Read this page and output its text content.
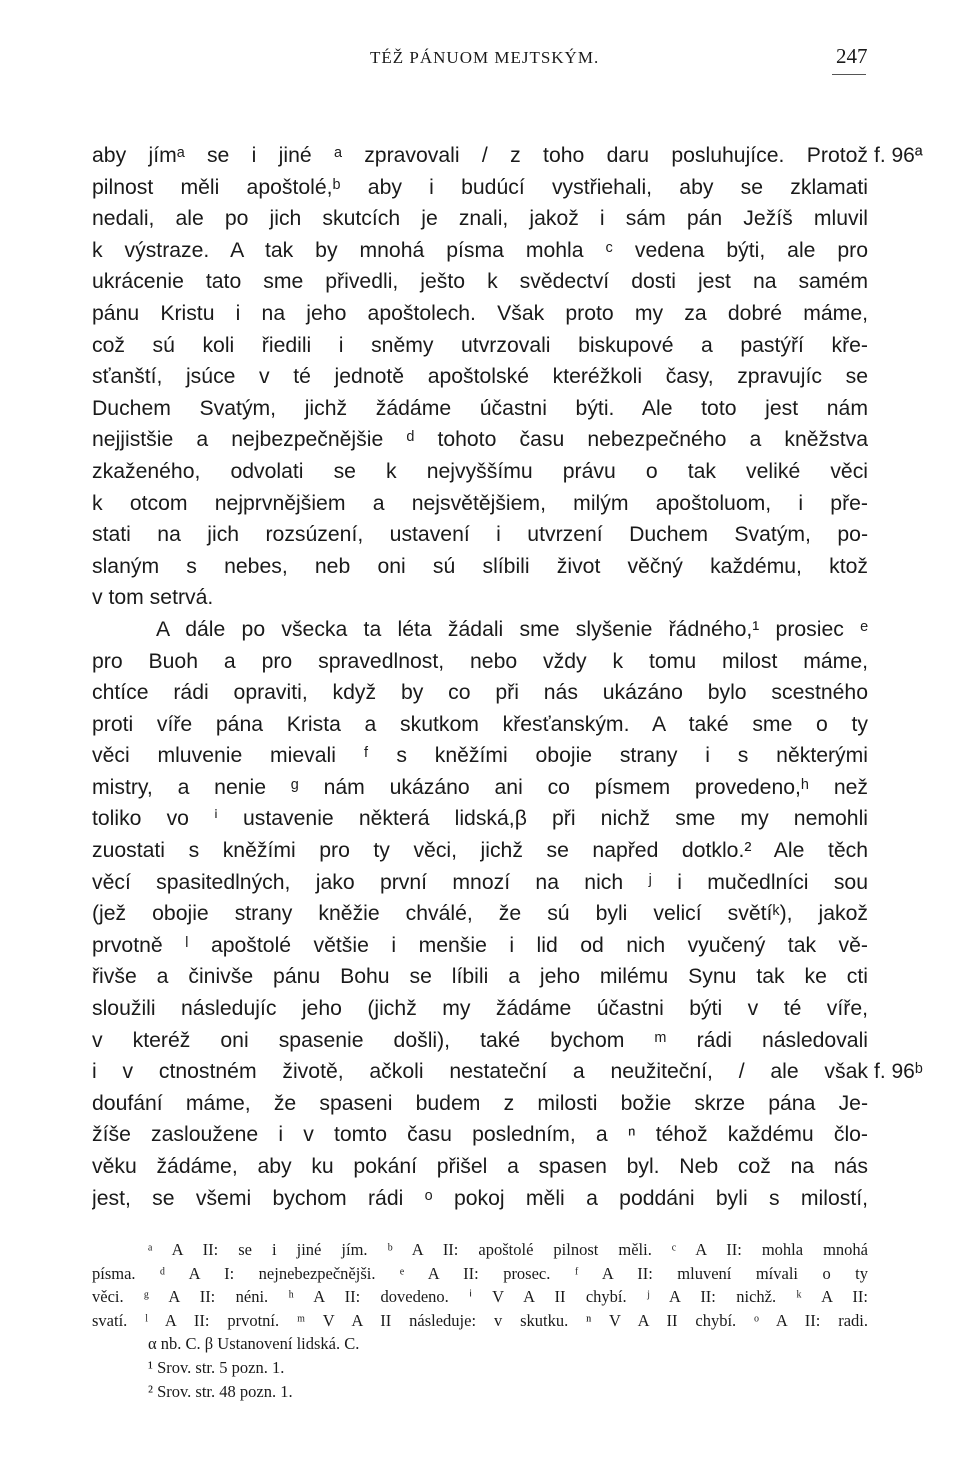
TÉŽ PÁNUOM MEJTSKÝM.	247
f. 96ª
f. 96ᵇ
aby jímᵃ se i jiné ᵃ zpravovali / z toho daru posluhujíce. Protož
pilnost měli apoštolé,ᵇ aby i budúcí vystřiehali, aby se zklamati
nedali, ale po jich skutcích je znali, jakož i sám pán Ježíš mluvil
k výstraze. A tak by mnohá písma mohla ᶜ vedena býti, ale pro
ukrácenie tato sme přivedli, ješto k svědectví dosti jest na samém
pánu Kristu i na jeho apoštolech. Však proto my za dobré máme,
což sú koli řiedili i sněmy utvrzovali biskupové a pastýří kře-
sťanští, jsúce v té jednotě apoštolské kteréžkoli časy, zpravujíc se
Duchem Svatým, jichž žádáme účastni býti. Ale toto jest nám
nejjistšie a nejbezpečnějšie ᵈ tohoto času nebezpečného a kněžstva
zkaženého, odvolati se k nejvyššímu právu o tak veliké věci
k otcom nejprvnějšiem a nejsvětějšiem, milým apoštoluom, i pře-
stati na jich rozsúzení, ustavení i utvrzení Duchem Svatým, po-
slaným s nebes, neb oni sú slíbili život věčný každému, ktož
v tom setrvá.
A dále po všecka ta léta žádali sme slyšenie řádného,¹ prosiec ᵉ
pro Buoh a pro spravedlnost, nebo vždy k tomu milost máme,
chtíce rádi opraviti, když by co při nás ukázáno bylo scestného
proti víře pána Krista a skutkom křesťanským. A také sme o ty
věci mluvenie mievali ᶠ s kněžími obojie strany i s některými
mistry, a nenie ᵍ nám ukázáno ani co písmem provedeno,ʰ než
toliko vo ⁱ ustavenie některá lidská,β při nichž sme my nemohli
zuostati s kněžími pro ty věci, jichž se napřed dotklo.² Ale těch
věcí spasitedlných, jako první mnozí na nich ʲ i mučedlníci sou
(jež obojie strany kněžie chválé, že sú byli velicí světíᵏ), jakož
prvotně ˡ apoštolé většie i menšie i lid od nich vyučený tak vě-
řivše a činivše pánu Bohu se líbili a jeho milému Synu tak ke cti
sloužili následujíc jeho (jichž my žádáme účastni býti v té víře,
v kteréž oni spasenie došli), také bychom ᵐ rádi následovali
i v ctnostném životě, ačkoli nestateční a neužiteční, / ale však
doufání máme, že spaseni budem z milosti božie skrze pána Je-
žíše zasloužene i v tomto času posledním, a ⁿ téhož každému člo-
věku žádáme, aby ku pokání přišel a spasen byl. Neb což na nás
jest, se všemi bychom rádi ᵒ pokoj měli a poddáni byli s milostí,
ᵃ A II: se i jiné jím. ᵇ A II: apoštolé pilnost měli. ᶜ A II: mohla mnohá
písma. ᵈ A I: nejnebezpečnějši. ᵉ A II: prosec. ᶠ A II: mluvení mívali o ty
věci. ᵍ A II: néni. ʰ A II: dovedeno. ⁱ V A II chybí. ʲ A II: nichž. ᵏ A II:
svatí. ˡ A II: prvotní. ᵐ V A II následuje: v skutku. ⁿ V A II chybí. ᵒ A II: radi.
α nb. C. β Ustanovení lidská. C.
¹ Srov. str. 5 pozn. 1.
² Srov. str. 48 pozn. 1.
